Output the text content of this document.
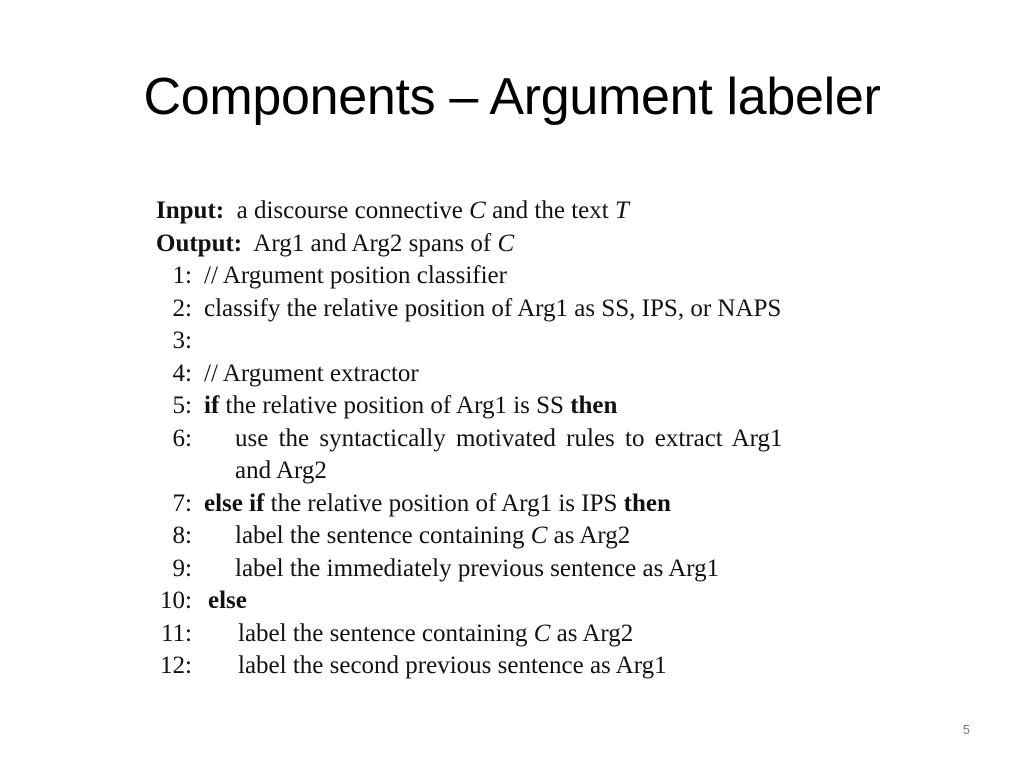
Components – Argument labeler
Input: a discourse connective C and the text T
Output: Arg1 and Arg2 spans of C
1: // Argument position classifier
2: classify the relative position of Arg1 as SS, IPS, or NAPS
3:
4: // Argument extractor
5: if the relative position of Arg1 is SS then
6: use the syntactically motivated rules to extract Arg1
and Arg2
7: else if the relative position of Arg1 is IPS then
8: label the sentence containing C as Arg2
9: label the immediately previous sentence as Arg1
10: else
11: label the sentence containing C as Arg2
12: label the second previous sentence as Arg1
5
